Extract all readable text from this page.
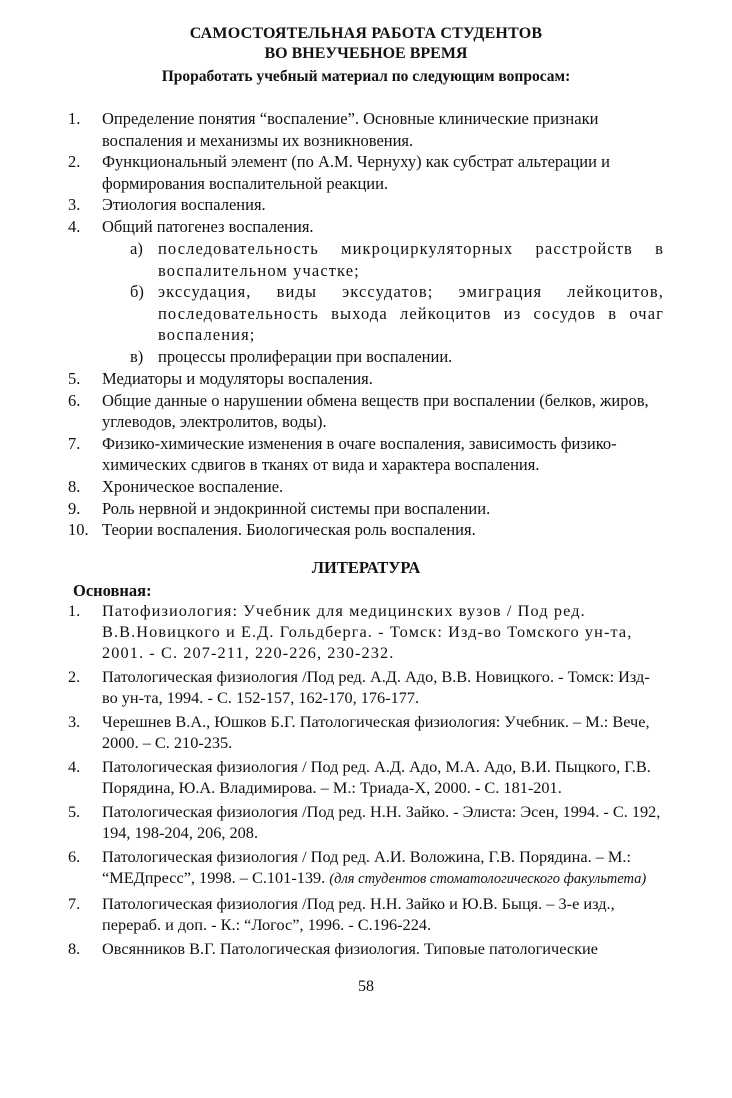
САМОСТОЯТЕЛЬНАЯ РАБОТА СТУДЕНТОВ
ВО ВНЕУЧЕБНОЕ ВРЕМЯ
Проработать учебный материал по следующим вопросам:
1.	Определение понятия “воспаление”. Основные клинические признаки воспаления и механизмы их возникновения.
2.	Функциональный элемент (по А.М. Чернуху) как субстрат альтерации и формирования воспалительной реакции.
3.	Этиология воспаления.
4.	Общий патогенез воспаления.
а) последовательность микроциркуляторных расстройств в воспалительном участке;
б) экссудация, виды экссудатов; эмиграция лейкоцитов, последовательность выхода лейкоцитов из сосудов в очаг воспаления;
в) процессы пролиферации при воспалении.
5.	Медиаторы и модуляторы воспаления.
6.	Общие данные о нарушении обмена веществ при воспалении (белков, жиров, углеводов, электролитов, воды).
7.	Физико-химические изменения в очаге воспаления, зависимость физико-химических сдвигов в тканях от вида и характера воспаления.
8.	Хроническое воспаление.
9.	Роль нервной и эндокринной системы при воспалении.
10. Теории воспаления. Биологическая роль воспаления.
ЛИТЕРАТУРА
Основная:
1. Патофизиология: Учебник для медицинских вузов / Под ред. В.В.Новицкого и Е.Д. Гольдберга. - Томск: Изд-во Томского ун-та, 2001. - С. 207-211, 220-226, 230-232.
2. Патологическая физиология /Под ред. А.Д. Адо, В.В. Новицкого. - Томск: Изд-во ун-та, 1994. - С. 152-157, 162-170, 176-177.
3. Черешнев В.А., Юшков Б.Г. Патологическая физиология: Учебник. – М.: Вече, 2000. – С. 210-235.
4. Патологическая физиология / Под ред. А.Д. Адо, М.А. Адо, В.И. Пыцкого, Г.В. Порядина, Ю.А. Владимирова. – М.: Триада-Х, 2000. - С. 181-201.
5. Патологическая физиология /Под ред. Н.Н. Зайко. - Элиста: Эсен, 1994. - С. 192, 194, 198-204, 206, 208.
6. Патологическая физиология / Под ред. А.И. Воложина, Г.В. Порядина. – М.: “МЕДпресс”, 1998. – С.101-139. (для студентов стоматологического факультета)
7. Патологическая физиология /Под ред. Н.Н. Зайко и Ю.В. Быця. – 3-е изд., перераб. и доп. - К.: “Логос”, 1996. - С.196-224.
8. Овсянников В.Г. Патологическая физиология. Типовые патологические
58
